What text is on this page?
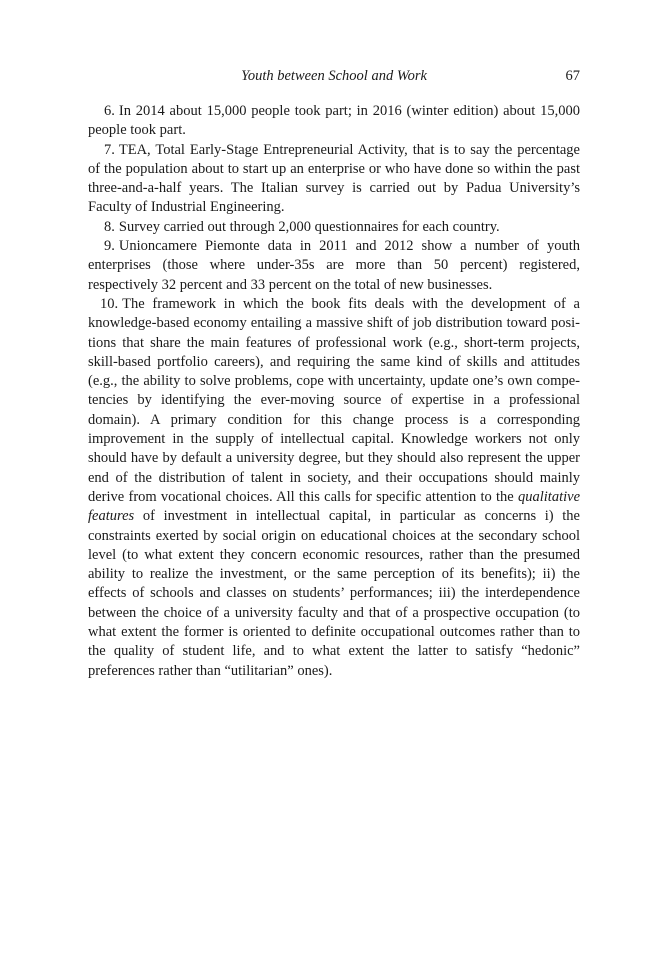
Youth between School and Work	67

6. In 2014 about 15,000 people took part; in 2016 (winter edition) about 15,000 people took part.

7. TEA, Total Early-Stage Entrepreneurial Activity, that is to say the percentage of the population about to start up an enterprise or who have done so within the past three-and-a-half years. The Italian survey is carried out by Padua University’s Faculty of Industrial Engineering.

8. Survey carried out through 2,000 questionnaires for each country.

9. Unioncamere Piemonte data in 2011 and 2012 show a number of youth enterprises (those where under-35s are more than 50 percent) registered, respectively 32 percent and 33 percent on the total of new businesses.

10. The framework in which the book fits deals with the development of a knowledge-based economy entailing a massive shift of job distribution toward positions that share the main features of professional work (e.g., short-term projects, skill-based portfolio careers), and requiring the same kind of skills and attitudes (e.g., the ability to solve problems, cope with uncertainty, update one’s own competencies by identifying the ever-moving source of expertise in a professional domain). A primary condition for this change process is a corresponding improvement in the supply of intellectual capital. Knowledge workers not only should have by default a university degree, but they should also represent the upper end of the distribution of talent in society, and their occupations should mainly derive from vocational choices. All this calls for specific attention to the qualitative features of investment in intellectual capital, in particular as concerns i) the constraints exerted by social origin on educational choices at the secondary school level (to what extent they concern economic resources, rather than the presumed ability to realize the investment, or the same perception of its benefits); ii) the effects of schools and classes on students’ performances; iii) the interdependence between the choice of a university faculty and that of a prospective occupation (to what extent the former is oriented to definite occupational outcomes rather than to the quality of student life, and to what extent the latter to satisfy “hedonic” preferences rather than “utilitarian” ones).
